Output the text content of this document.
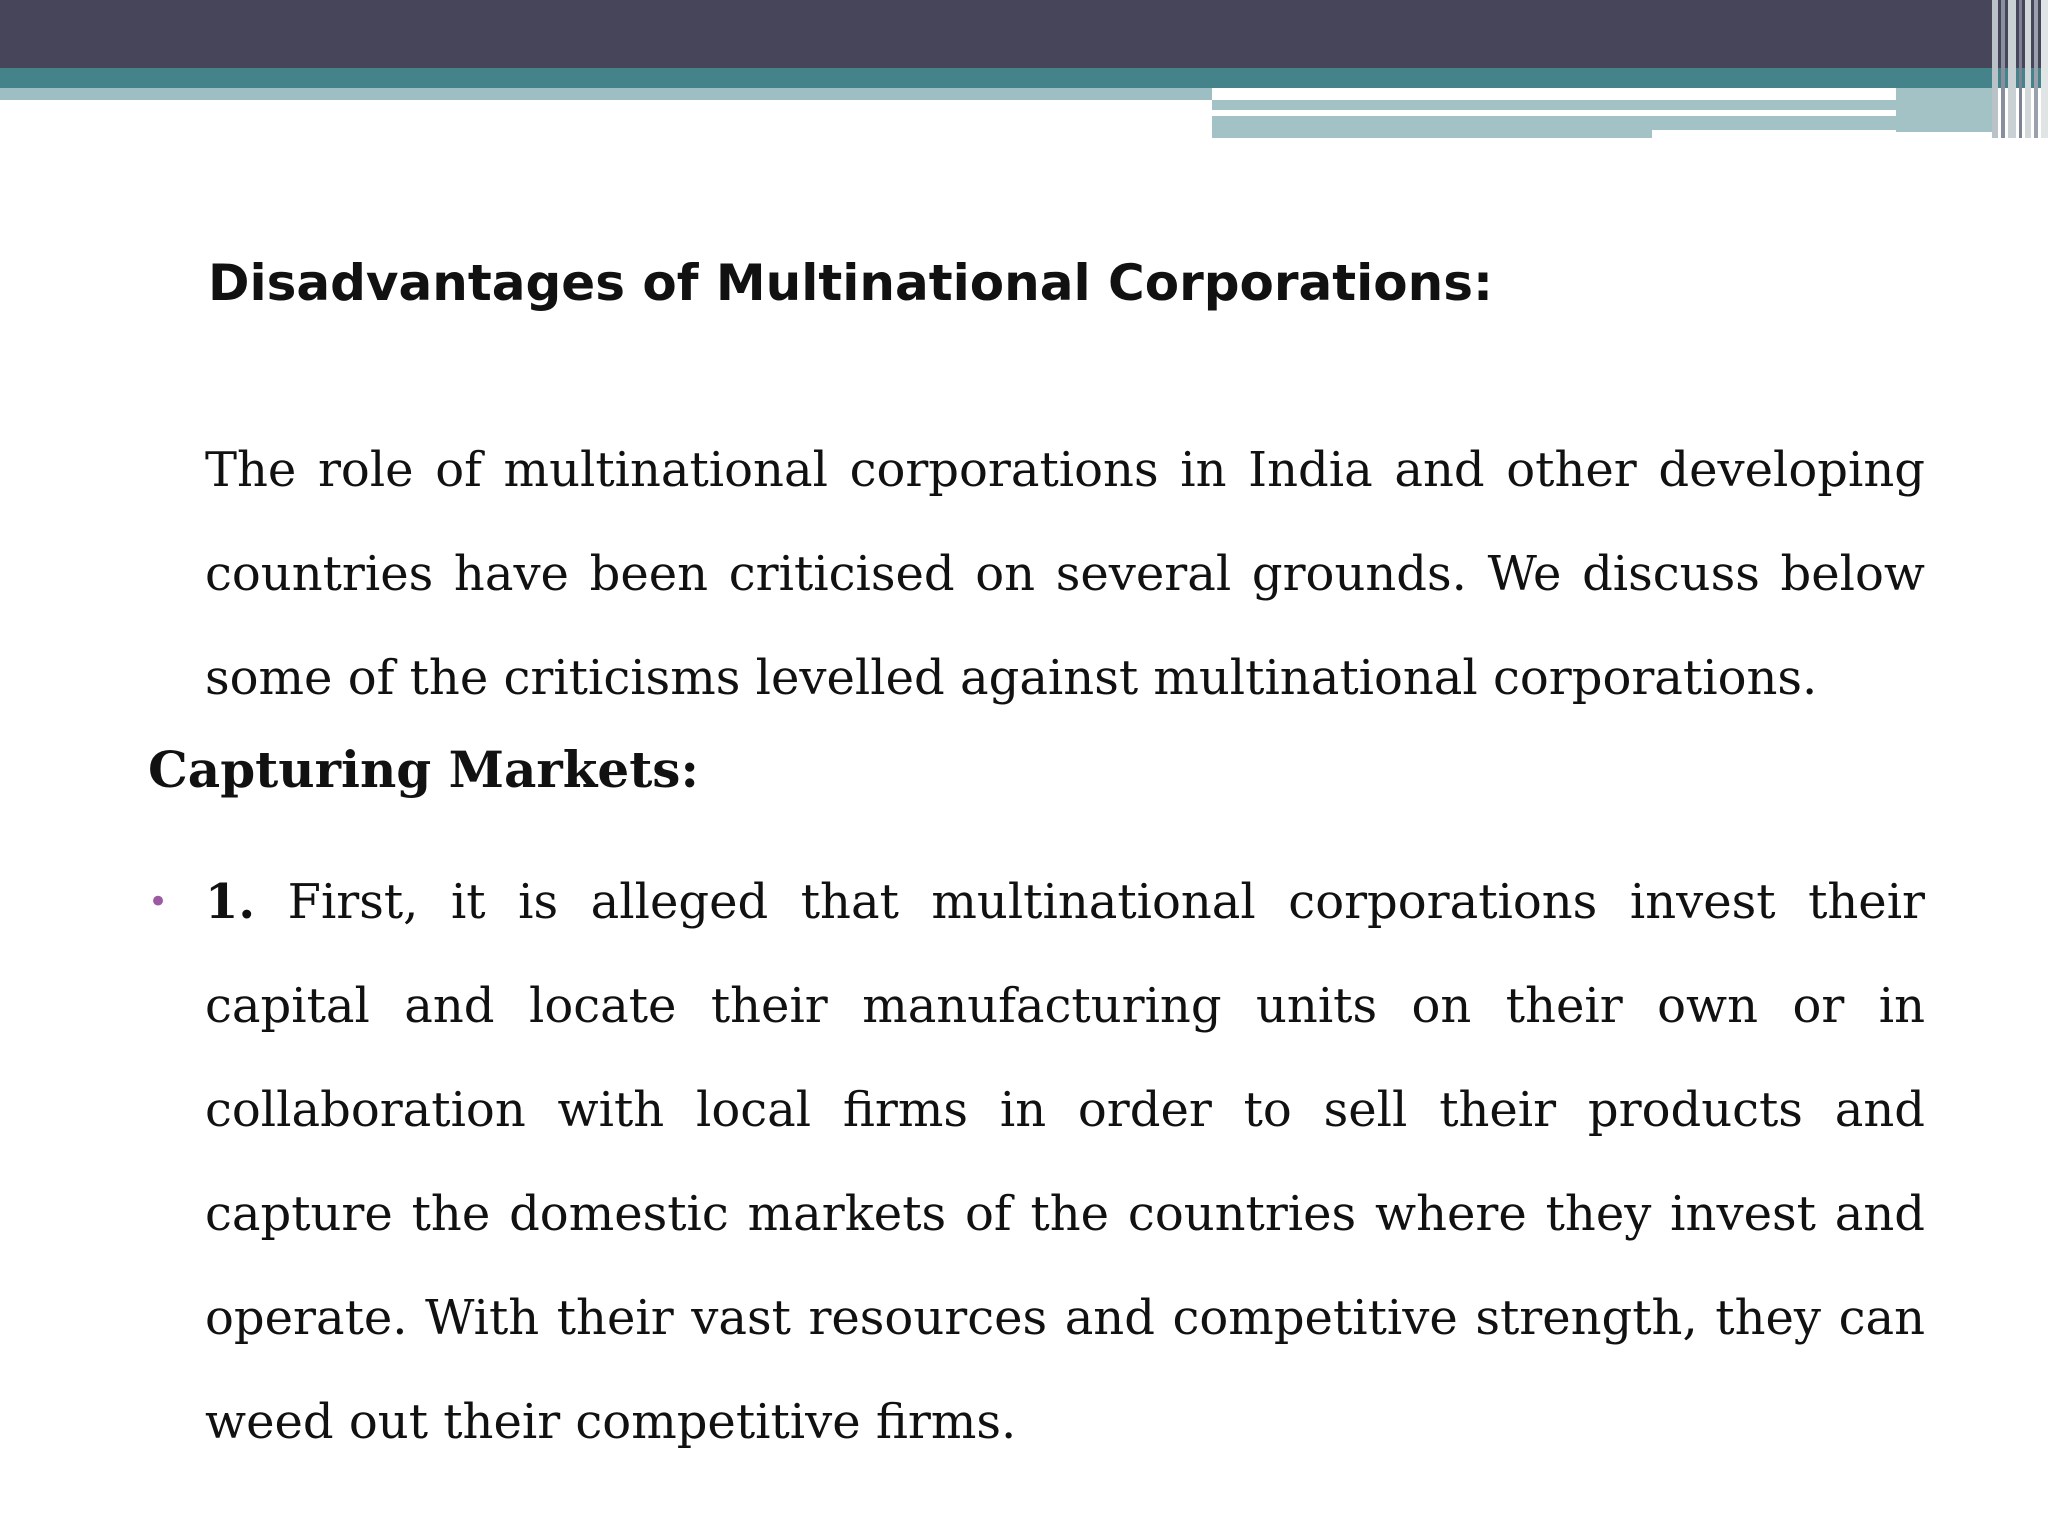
Disadvantages of Multinational Corporations:
The role of multinational corporations in India and other developing countries have been criticised on several grounds. We discuss below some of the criticisms levelled against multinational corporations.
Capturing Markets:
• 1. First, it is alleged that multinational corporations invest their capital and locate their manufacturing units on their own or in collaboration with local firms in order to sell their products and capture the domestic markets of the countries where they invest and operate. With their vast resources and competitive strength, they can weed out their competitive firms.
